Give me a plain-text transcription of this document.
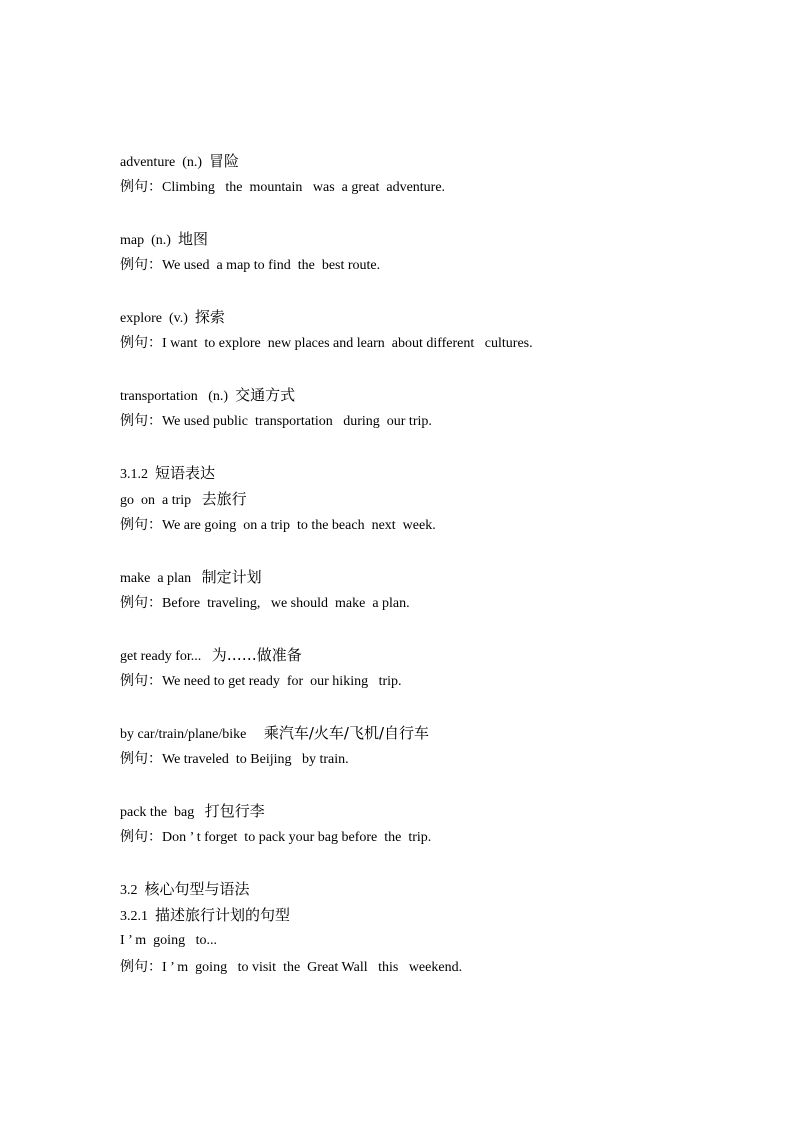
adventure  (n.)  冒险
例句：Climbing   the  mountain   was  a great  adventure.
map  (n.)  地图
例句：We used  a map to find  the  best route.
explore  (v.)  探索
例句：I want  to explore  new places and learn  about different   cultures.
transportation   (n.)  交通方式
例句：We used public  transportation   during  our trip.
3.1.2  短语表达
go  on  a trip   去旅行
例句：We are going  on a trip  to the beach  next  week.
make  a plan   制定计划
例句：Before  traveling,   we should  make  a plan.
get ready for...   为……做准备
例句：We need to get ready  for  our hiking   trip.
by car/train/plane/bike     乘汽车/火车/飞机/自行车
例句：We traveled  to Beijing   by train.
pack the  bag   打包行李
例句：Don ’ t forget  to pack your bag before  the  trip.
3.2  核心句型与语法
3.2.1  描述旅行计划的句型
I ’ m  going   to...
例句：I ’ m  going   to visit  the  Great Wall   this   weekend.
